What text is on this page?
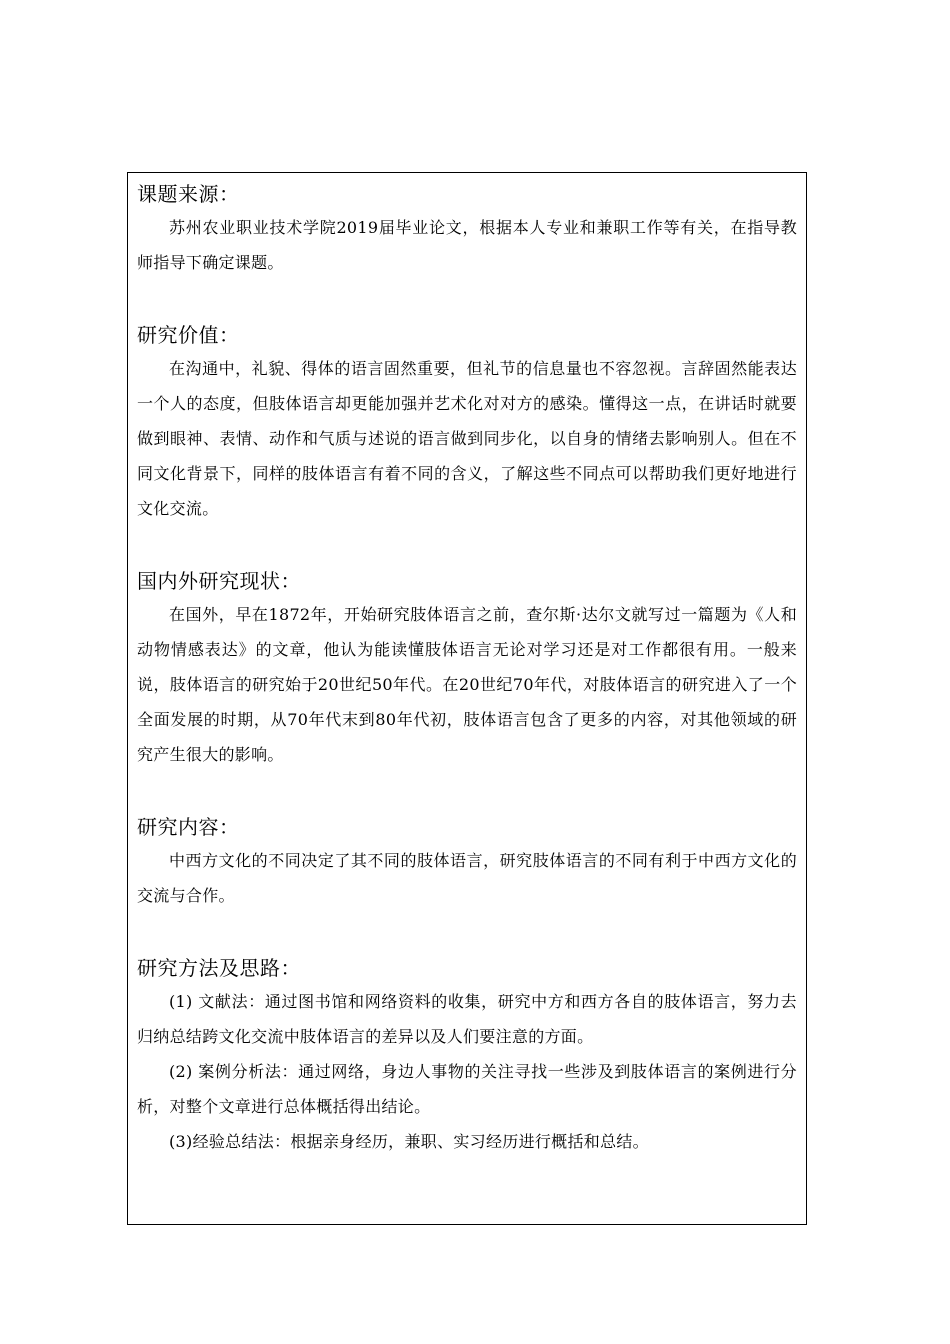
课题来源：

苏州农业职业技术学院2019届毕业论文，根据本人专业和兼职工作等有关，在指导教师指导下确定课题。

研究价值：

在沟通中，礼貌、得体的语言固然重要，但礼节的信息量也不容忽视。言辞固然能表达一个人的态度，但肢体语言却更能加强并艺术化对对方的感染。懂得这一点，在讲话时就要做到眼神、表情、动作和气质与述说的语言做到同步化，以自身的情绪去影响别人。但在不同文化背景下，同样的肢体语言有着不同的含义，了解这些不同点可以帮助我们更好地进行文化交流。

国内外研究现状：

在国外，早在1872年，开始研究肢体语言之前，查尔斯·达尔文就写过一篇题为《人和动物情感表达》的文章，他认为能读懂肢体语言无论对学习还是对工作都很有用。一般来说，肢体语言的研究始于20世纪50年代。在20世纪70年代，对肢体语言的研究进入了一个全面发展的时期，从70年代末到80年代初，肢体语言包含了更多的内容，对其他领域的研究产生很大的影响。

研究内容：

中西方文化的不同决定了其不同的肢体语言，研究肢体语言的不同有利于中西方文化的交流与合作。

研究方法及思路：

(1) 文献法：通过图书馆和网络资料的收集，研究中方和西方各自的肢体语言，努力去归纳总结跨文化交流中肢体语言的差异以及人们要注意的方面。

(2) 案例分析法：通过网络，身边人事物的关注寻找一些涉及到肢体语言的案例进行分析，对整个文章进行总体概括得出结论。

(3)经验总结法：根据亲身经历，兼职、实习经历进行概括和总结。
